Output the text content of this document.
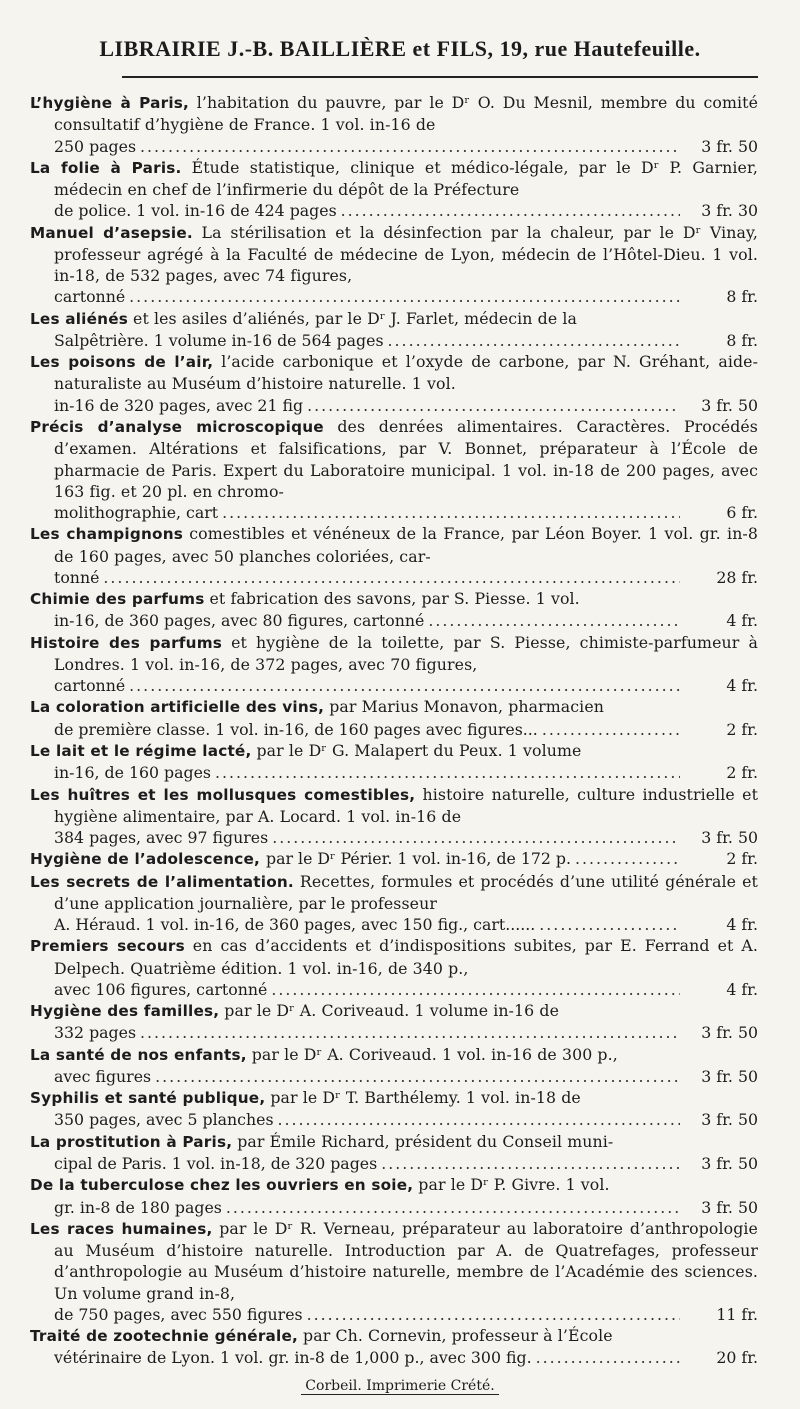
LIBRAIRIE J.-B. BAILLIÈRE et FILS, 19, rue Hautefeuille.

L’hygiène à Paris, l’habitation du pauvre, par le Dʳ O. Du Mesnil, membre du comité consultatif d’hygiène de France. 1 vol. in-16 de

250 pages .....	3 fr. 50

La folie à Paris. Étude statistique, clinique et médico-légale, par le Dʳ P. Garnier, médecin en chef de l’infirmerie du dépôt de la Préfecture

de police. 1 vol. in-16 de 424 pages .....	3 fr. 30

Manuel d’asepsie. La stérilisation et la désinfection par la chaleur, par le Dʳ Vinay, professeur agrégé à la Faculté de médecine de Lyon, médecin de l’Hôtel-Dieu. 1 vol. in-18, de 532 pages, avec 74 figures,

cartonné .....	8 fr.

Les aliénés et les asiles d’aliénés, par le Dʳ J. Farlet, médecin de la

Salpêtrière. 1 volume in-16 de 564 pages .....	8 fr.

Les poisons de l’air, l’acide carbonique et l’oxyde de carbone, par N. Gréhant, aide-naturaliste au Muséum d’histoire naturelle. 1 vol.

in-16 de 320 pages, avec 21 fig .....	3 fr. 50

Précis d’analyse microscopique des denrées alimentaires. Caractères. Procédés d’examen. Altérations et falsifications, par V. Bonnet, préparateur à l’École de pharmacie de Paris. Expert du Laboratoire municipal. 1 vol. in-18 de 200 pages, avec 163 fig. et 20 pl. en chromo-

molithographie, cart .....	6 fr.

Les champignons comestibles et vénéneux de la France, par Léon Boyer. 1 vol. gr. in-8 de 160 pages, avec 50 planches coloriées, car-

tonné .....	28 fr.

Chimie des parfums et fabrication des savons, par S. Piesse. 1 vol.

in-16, de 360 pages, avec 80 figures, cartonné .....	4 fr.

Histoire des parfums et hygiène de la toilette, par S. Piesse, chimiste-parfumeur à Londres. 1 vol. in-16, de 372 pages, avec 70 figures,

cartonné .....	4 fr.

La coloration artificielle des vins, par Marius Monavon, pharmacien

de première classe. 1 vol. in-16, de 160 pages avec figures... .....	2 fr.

Le lait et le régime lacté, par le Dʳ G. Malapert du Peux. 1 volume

in-16, de 160 pages .....	2 fr.

Les huîtres et les mollusques comestibles, histoire naturelle, culture industrielle et hygiène alimentaire, par A. Locard. 1 vol. in-16 de

384 pages, avec 97 figures .....	3 fr. 50
Hygiène de l’adolescence, par le Dʳ Périer. 1 vol. in-16, de 172 p. .....	2 fr.

Les secrets de l’alimentation. Recettes, formules et procédés d’une utilité générale et d’une application journalière, par le professeur

A. Héraud. 1 vol. in-16, de 360 pages, avec 150 fig., cart...... .....	4 fr.

Premiers secours en cas d’accidents et d’indispositions subites, par E. Ferrand et A. Delpech. Quatrième édition. 1 vol. in-16, de 340 p.,

avec 106 figures, cartonné .....	4 fr.

Hygiène des familles, par le Dʳ A. Coriveaud. 1 volume in-16 de

332 pages .....	3 fr. 50

La santé de nos enfants, par le Dʳ A. Coriveaud. 1 vol. in-16 de 300 p.,

avec figures .....	3 fr. 50

Syphilis et santé publique, par le Dʳ T. Barthélemy. 1 vol. in-18 de

350 pages, avec 5 planches .....	3 fr. 50

La prostitution à Paris, par Émile Richard, président du Conseil muni-

cipal de Paris. 1 vol. in-18, de 320 pages .....	3 fr. 50

De la tuberculose chez les ouvriers en soie, par le Dʳ P. Givre. 1 vol.

gr. in-8 de 180 pages .....	3 fr. 50

Les races humaines, par le Dʳ R. Verneau, préparateur au laboratoire d’anthropologie au Muséum d’histoire naturelle. Introduction par A. de Quatrefages, professeur d’anthropologie au Muséum d’histoire naturelle, membre de l’Académie des sciences. Un volume grand in-8,

de 750 pages, avec 550 figures .....	11 fr.

Traité de zootechnie générale, par Ch. Cornevin, professeur à l’École

vétérinaire de Lyon. 1 vol. gr. in-8 de 1,000 p., avec 300 fig. .....	20 fr.
Corbeil. Imprimerie Crété.
